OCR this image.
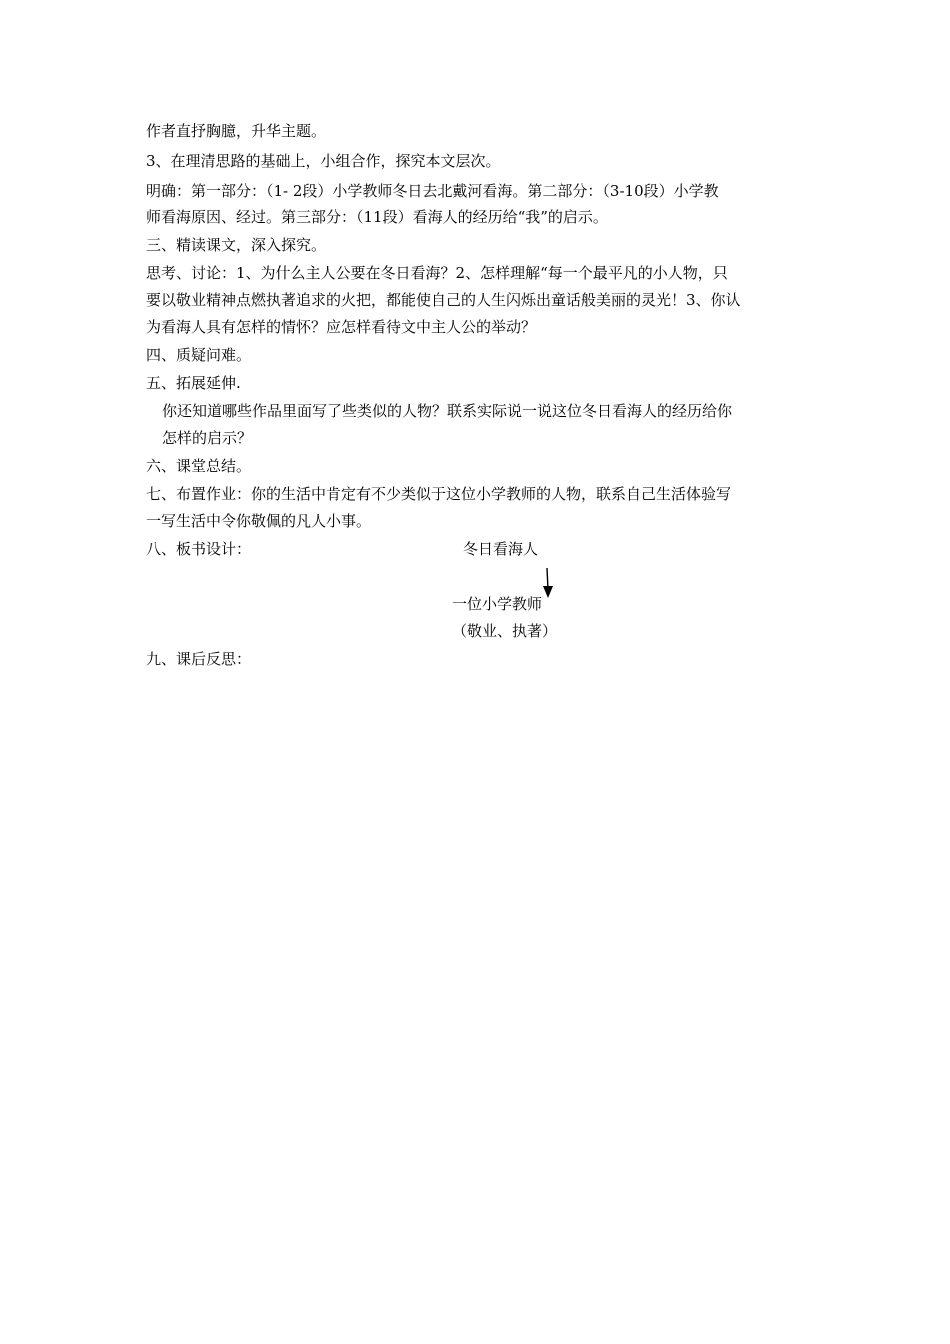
作者直抒胸臆，升华主题。
3、在理清思路的基础上，小组合作，探究本文层次。
明确：第一部分：（1- 2段）小学教师冬日去北戴河看海。第二部分：（3-10段）小学教
师看海原因、经过。第三部分：（11段）看海人的经历给“我”的启示。
三、精读课文，深入探究。
思考、讨论：1、为什么主人公要在冬日看海？2、怎样理解“每一个最平凡的小人物，只
要以敬业精神点燃执著追求的火把，都能使自己的人生闪烁出童话般美丽的灵光！3、你认
为看海人具有怎样的情怀？应怎样看待文中主人公的举动？
四、质疑问难。
五、拓展延伸.
你还知道哪些作品里面写了些类似的人物？联系实际说一说这位冬日看海人的经历给你
怎样的启示？
六、课堂总结。
七、布置作业：你的生活中肯定有不少类似于这位小学教师的人物，联系自己生活体验写
一写生活中令你敬佩的凡人小事。
八、板书设计：	冬日看海人
一位小学教师
（敬业、执著）
九、课后反思：
